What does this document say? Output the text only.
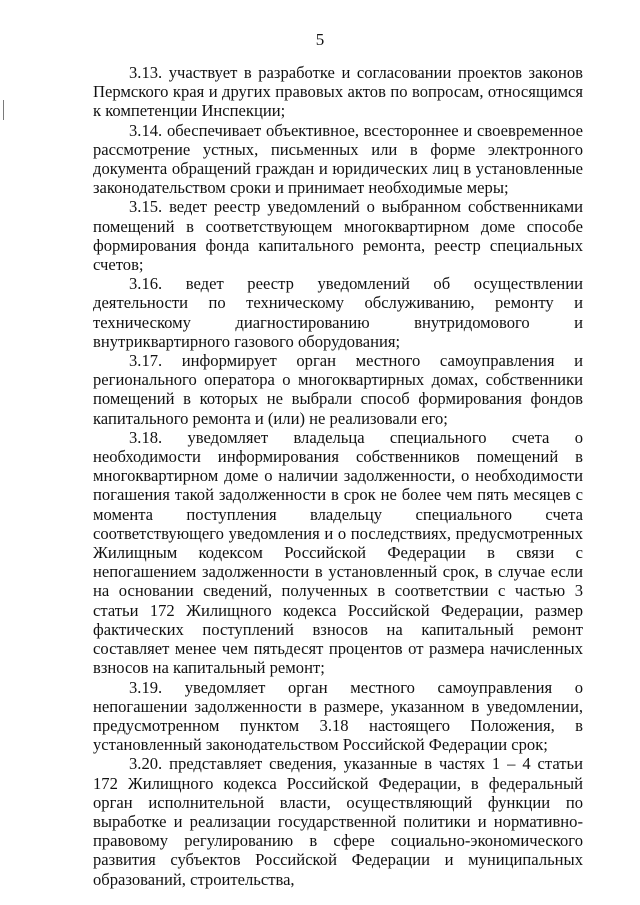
5

3.13. участвует в разработке и согласовании проектов законов Пермского края и других правовых актов по вопросам, относящимся к компетенции Инспекции;

3.14. обеспечивает объективное, всестороннее и своевременное рассмотрение устных, письменных или в форме электронного документа обращений граждан и юридических лиц в установленные законодательством сроки и принимает необходимые меры;

3.15. ведет реестр уведомлений о выбранном собственниками помещений в соответствующем многоквартирном доме способе формирования фонда капитального ремонта, реестр специальных счетов;

3.16. ведет реестр уведомлений об осуществлении деятельности по техническому обслуживанию, ремонту и техническому диагностированию внутридомового и внутриквартирного газового оборудования;

3.17. информирует орган местного самоуправления и регионального оператора о многоквартирных домах, собственники помещений в которых не выбрали способ формирования фондов капитального ремонта и (или) не реализовали его;

3.18. уведомляет владельца специального счета о необходимости информирования собственников помещений в многоквартирном доме о наличии задолженности, о необходимости погашения такой задолженности в срок не более чем пять месяцев с момента поступления владельцу специального счета соответствующего уведомления и о последствиях, предусмотренных Жилищным кодексом Российской Федерации в связи с непогашением задолженности в установленный срок, в случае если на основании сведений, полученных в соответствии с частью 3 статьи 172 Жилищного кодекса Российской Федерации, размер фактических поступлений взносов на капитальный ремонт составляет менее чем пятьдесят процентов от размера начисленных взносов на капитальный ремонт;

3.19. уведомляет орган местного самоуправления о непогашении задолженности в размере, указанном в уведомлении, предусмотренном пунктом 3.18 настоящего Положения, в установленный законодательством Российской Федерации срок;

3.20. представляет сведения, указанные в частях 1 – 4 статьи 172 Жилищного кодекса Российской Федерации, в федеральный орган исполнительной власти, осуществляющий функции по выработке и реализации государственной политики и нормативно-правовому регулированию в сфере социально-экономического развития субъектов Российской Федерации и муниципальных образований, строительства,
